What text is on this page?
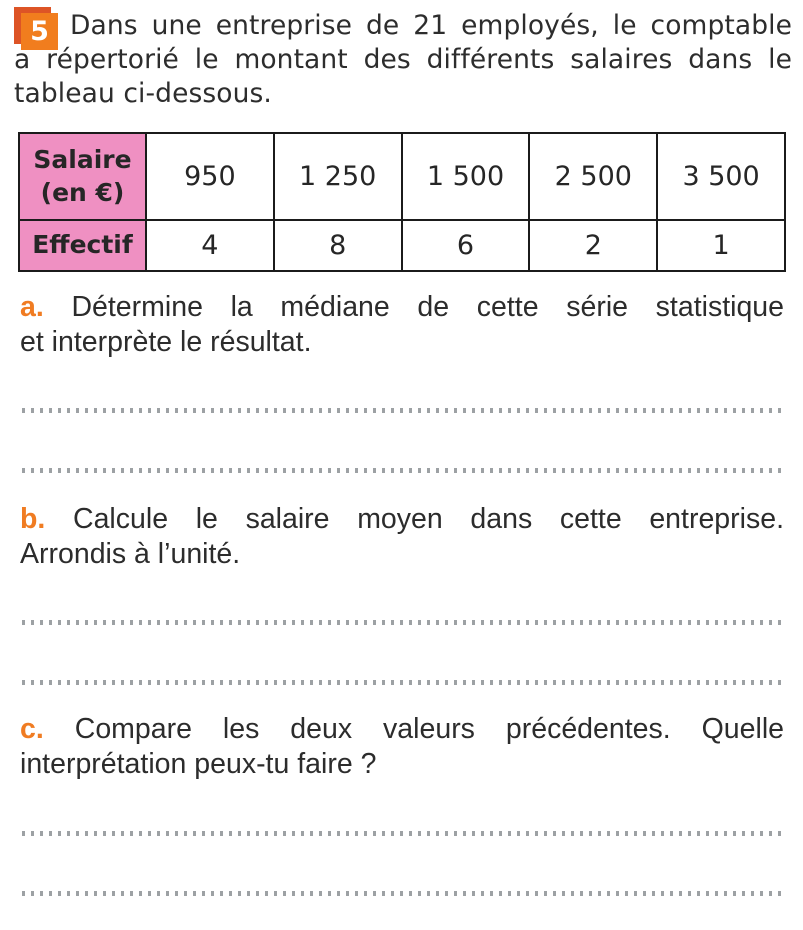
5 Dans une entreprise de 21 employés, le comptable
a répertorié le montant des différents salaires dans le
tableau ci-dessous.
Salaire
(en €)	950	1 250	1 500	2 500	3 500
Effectif	4	8	6	2	1
a. Détermine la médiane de cette série statistique
et interprète le résultat.
b. Calcule le salaire moyen dans cette entreprise.
Arrondis à l’unité.
c. Compare les deux valeurs précédentes. Quelle
interprétation peux-tu faire ?
